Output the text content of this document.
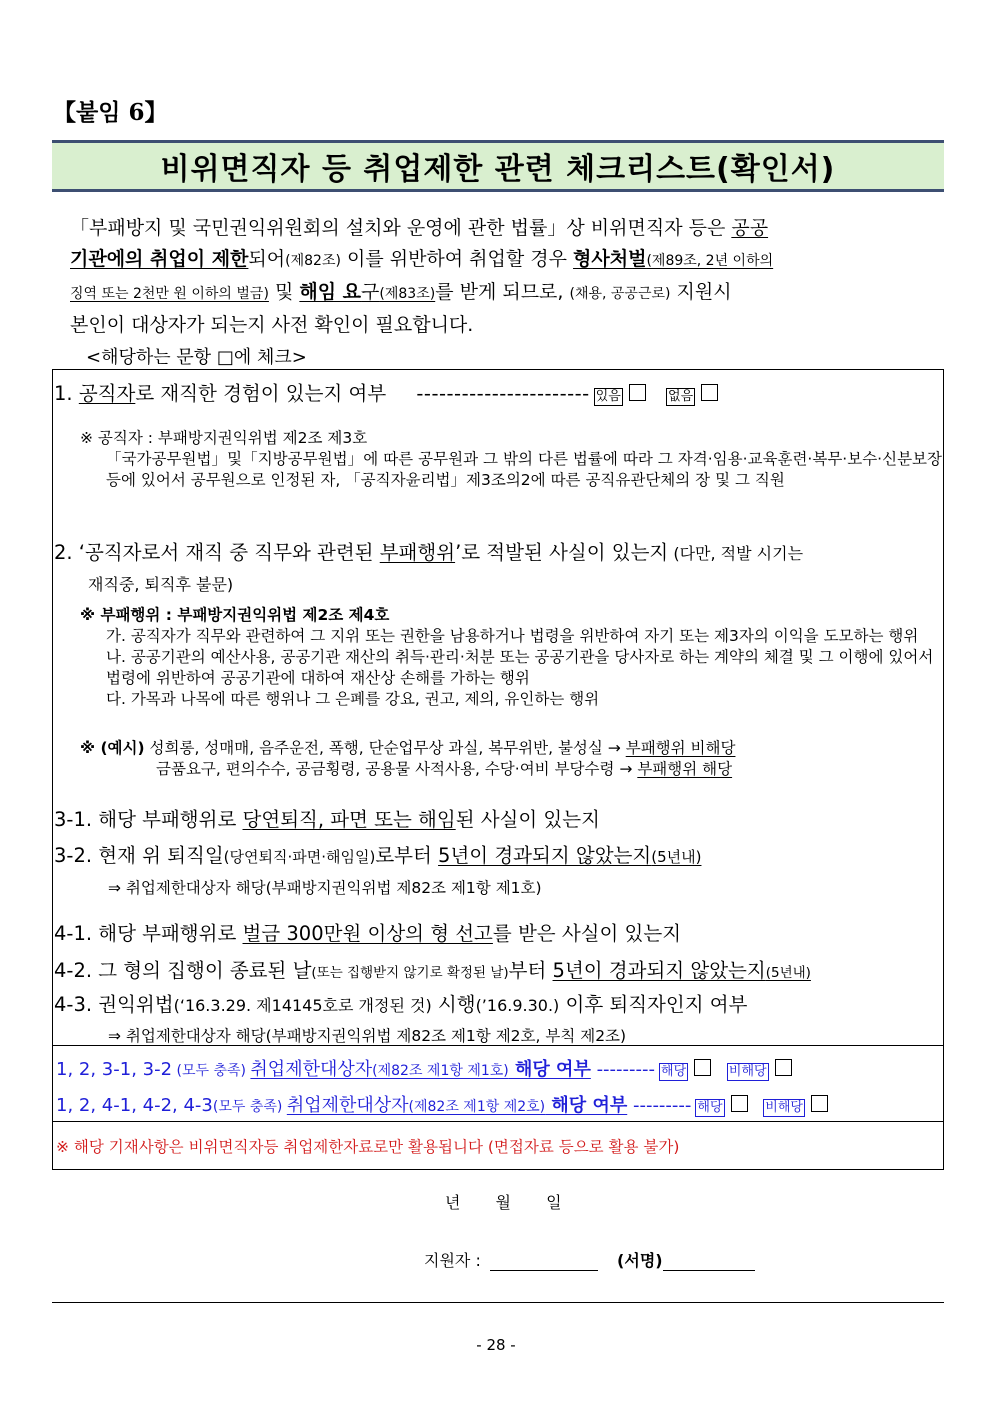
【붙임 6】
비위면직자 등 취업제한 관련 체크리스트(확인서)
「부패방지 및 국민권익위원회의 설치와 운영에 관한 법률」상 비위면직자 등은 공공
기관에의 취업이 제한되어(제82조) 이를 위반하여 취업할 경우 형사처벌(제89조, 2년 이하의
징역 또는 2천만 원 이하의 벌금) 및 해임 요구(제83조)를 받게 되므로, (채용, 공공근로) 지원시
본인이 대상자가 되는지 사전 확인이 필요합니다.
<해당하는 문항 □에 체크>
1. 공직자로 재직한 경험이 있는지 여부 ----------------------- 있음	없음
※ 공직자 : 부패방지권익위법 제2조 제3호

「국가공무원법」및「지방공무원법」에 따른 공무원과 그 밖의 다른 법률에 따라 그 자격·임용·교육훈련·복무·보수·신분보장 등에 있어서 공무원으로 인정된 자, 「공직자윤리법」제3조의2에 따른 공직유관단체의 장 및 그 직원
2. ‘공직자로서 재직 중 직무와 관련된 부패행위’로 적발된 사실이 있는지 (다만, 적발 시기는
재직중, 퇴직후 불문)
※ 부패행위 : 부패방지권익위법 제2조 제4호

가. 공직자가 직무와 관련하여 그 지위 또는 권한을 남용하거나 법령을 위반하여 자기 또는 제3자의 이익을 도모하는 행위
나. 공공기관의 예산사용, 공공기관 재산의 취득·관리·처분 또는 공공기관을 당사자로 하는 계약의 체결 및 그 이행에 있어서 법령에 위반하여 공공기관에 대하여 재산상 손해를 가하는 행위
다. 가목과 나목에 따른 행위나 그 은폐를 강요, 권고, 제의, 유인하는 행위
※ (예시) 성희롱, 성매매, 음주운전, 폭행, 단순업무상 과실, 복무위반, 불성실 → 부패행위 비해당
금품요구, 편의수수, 공금횡령, 공용물 사적사용, 수당·여비 부당수령 → 부패행위 해당
3-1. 해당 부패행위로 당연퇴직, 파면 또는 해임된 사실이 있는지
3-2. 현재 위 퇴직일(당연퇴직·파면·해임일)로부터 5년이 경과되지 않았는지(5년내)
⇒ 취업제한대상자 해당(부패방지권익위법 제82조 제1항 제1호)
4-1. 해당 부패행위로 벌금 300만원 이상의 형 선고를 받은 사실이 있는지
4-2. 그 형의 집행이 종료된 날(또는 집행받지 않기로 확정된 날)부터 5년이 경과되지 않았는지(5년내)
4-3. 권익위법(‘16.3.29. 제14145호로 개정된 것) 시행(’16.9.30.) 이후 퇴직자인지 여부
⇒ 취업제한대상자 해당(부패방지권익위법 제82조 제1항 제2호, 부칙 제2조)
1, 2, 3-1, 3-2 (모두 충족) 취업제한대상자(제82조 제1항 제1호) 해당 여부 --------- 해당	비해당
1, 2, 4-1, 4-2, 4-3(모두 충족) 취업제한대상자(제82조 제1항 제2호) 해당 여부 --------- 해당	비해당
※ 해당 기재사항은 비위면직자등 취업제한자료로만 활용됩니다 (면접자료 등으로 활용 불가)
년 월 일
지원자 :	(서명)
- 28 -
